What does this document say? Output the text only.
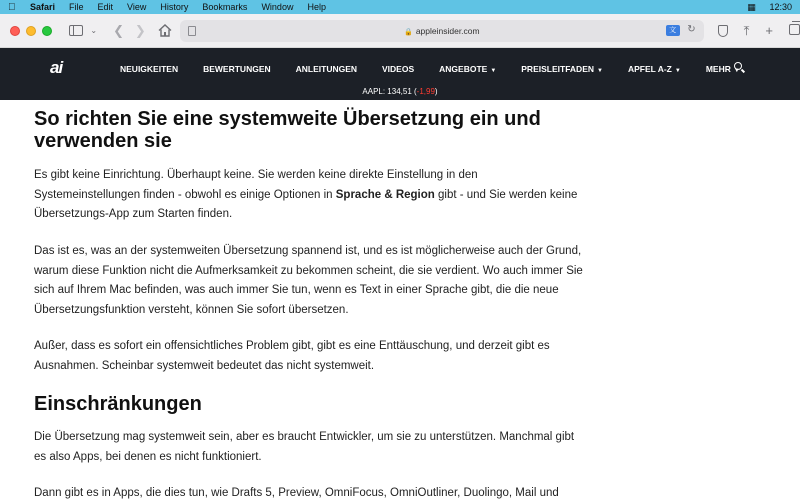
Safari File Edit View History Bookmarks Window Help	▦ 12:30
⌄ ❮ ❯	🔒 appleinsider.com	文	↻	⤒ +
ai	NEUIGKEITEN	BEWERTUNGEN	ANLEITUNGEN	VIDEOS	ANGEBOTE ▼	PREISLEITFADEN ▼	APFEL A-Z ▼	MEHR ▼
AAPL: 134,51 (-1,99)
So richten Sie eine systemweite Übersetzung ein und verwenden sie

Es gibt keine Einrichtung. Überhaupt keine. Sie werden keine direkte Einstellung in den Systemeinstellungen finden - obwohl es einige Optionen in Sprache & Region gibt - und Sie werden keine Übersetzungs-App zum Starten finden.

Das ist es, was an der systemweiten Übersetzung spannend ist, und es ist möglicherweise auch der Grund, warum diese Funktion nicht die Aufmerksamkeit zu bekommen scheint, die sie verdient. Wo auch immer Sie sich auf Ihrem Mac befinden, was auch immer Sie tun, wenn es Text in einer Sprache gibt, die die neue Übersetzungsfunktion versteht, können Sie sofort übersetzen.

Außer, dass es sofort ein offensichtliches Problem gibt, gibt es eine Enttäuschung, und derzeit gibt es Ausnahmen. Scheinbar systemweit bedeutet das nicht systemweit.

Einschränkungen

Die Übersetzung mag systemweit sein, aber es braucht Entwickler, um sie zu unterstützen. Manchmal gibt es also Apps, bei denen es nicht funktioniert.

Dann gibt es in Apps, die dies tun, wie Drafts 5, Preview, OmniFocus, OmniOutliner, Duolingo, Mail und
